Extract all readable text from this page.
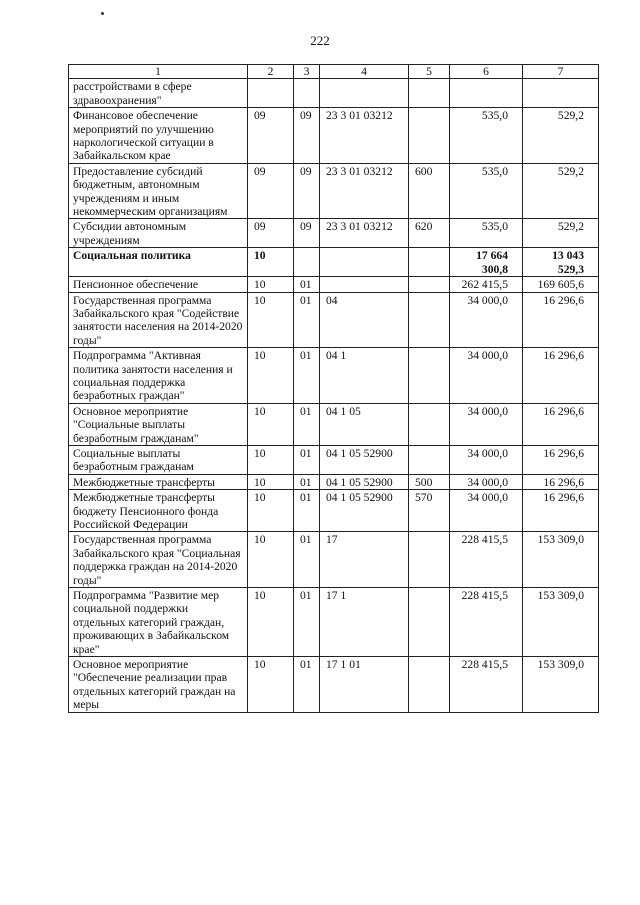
222
1	2	3	4	5	6	7
расстройствами в сфере здравоохранения"						
Финансовое обеспечение мероприятий по улучшению наркологической ситуации в Забайкальском крае	09	09	23 3 01 03212		535,0	529,2
Предоставление субсидий бюджетным, автономным учреждениям и иным некоммерческим организациям	09	09	23 3 01 03212	600	535,0	529,2
Субсидии автономным учреждениям	09	09	23 3 01 03212	620	535,0	529,2
Социальная политика	10				17 664 300,8	13 043 529,3
Пенсионное обеспечение	10	01			262 415,5	169 605,6
Государственная программа Забайкальского края "Содействие занятости населения на 2014-2020 годы"	10	01	04		34 000,0	16 296,6
Подпрограмма "Активная политика занятости населения и социальная поддержка безработных граждан"	10	01	04 1		34 000,0	16 296,6
Основное мероприятие "Социальные выплаты безработным гражданам"	10	01	04 1 05		34 000,0	16 296,6
Социальные выплаты безработным гражданам	10	01	04 1 05 52900		34 000,0	16 296,6
Межбюджетные трансферты	10	01	04 1 05 52900	500	34 000,0	16 296,6
Межбюджетные трансферты бюджету Пенсионного фонда Российской Федерации	10	01	04 1 05 52900	570	34 000,0	16 296,6
Государственная программа Забайкальского края "Социальная поддержка граждан на 2014-2020 годы"	10	01	17		228 415,5	153 309,0
Подпрограмма "Развитие мер социальной поддержки отдельных категорий граждан, проживающих в Забайкальском крае"	10	01	17 1		228 415,5	153 309,0
Основное мероприятие "Обеспечение реализации прав отдельных категорий граждан на меры	10	01	17 1 01		228 415,5	153 309,0
